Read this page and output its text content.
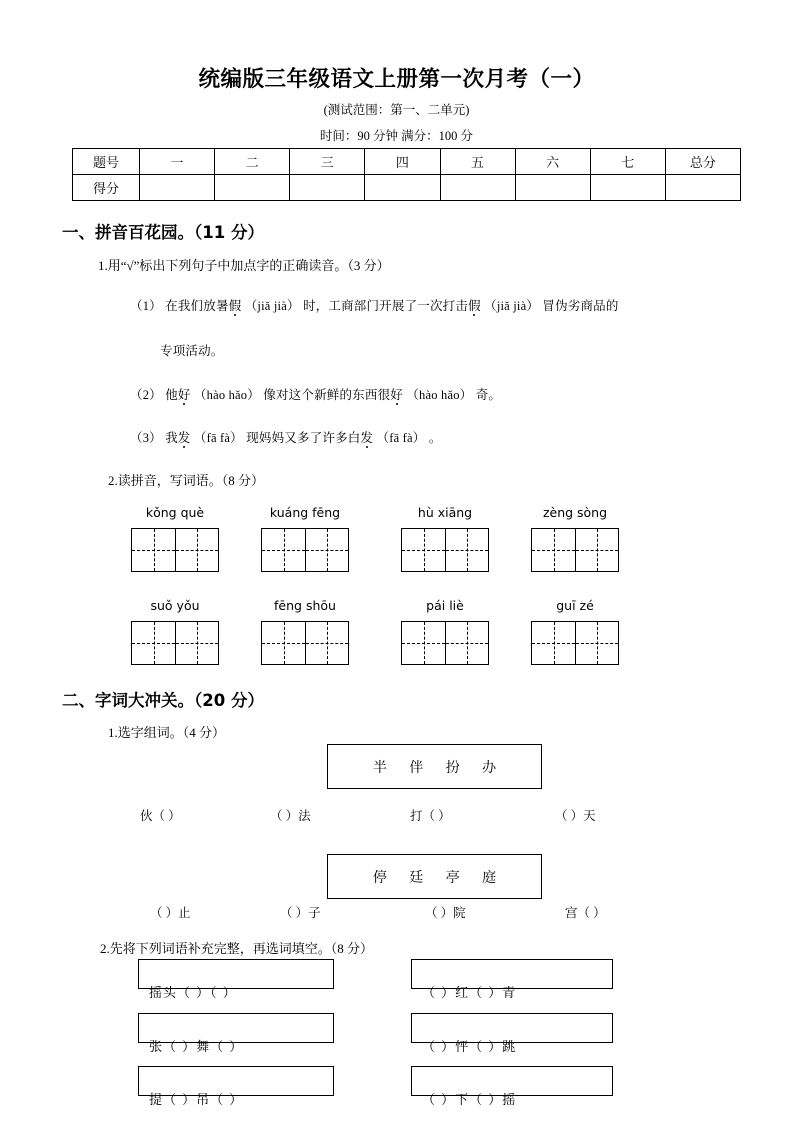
统编版三年级语文上册第一次月考（一）
(测试范围：第一、二单元)
时间：90 分钟 满分：100 分
题号	一	二	三	四	五	六	七	总分
得分								
一、拼音百花园。（11 分）
1.用“√”标出下列句子中加点字的正确读音。（3 分）
（1） 在我们放暑假 （jiǎ jià） 时，工商部门开展了一次打击假 （jiǎ jià） 冒伪劣商品的
专项活动。
（2） 他好 （hào hǎo） 像对这个新鲜的东西很好 （hào hǎo） 奇。
（3） 我发 （fā fà） 现妈妈又多了许多白发 （fā fà） 。
2.读拼音，写词语。（8 分）
kǒng què	kuáng fēng	hù xiāng	zèng sòng
suǒ yǒu	fēng shōu	pái liè	guī zé
二、字词大冲关。（20 分）
1.选字组词。（4 分）
半 伴 扮 办
伙（ ）	（ ）法	打（ ）	（ ）天
停 廷 亭 庭
（ ）止	（ ）子	（ ）院	宫（ ）
2.先将下列词语补充完整，再选词填空。（8 分）
摇头（ ）（ ）	（ ）红（ ）青
张（ ）舞（ ）	（ ）怦（ ）跳
提（ ）吊（ ）	（ ）下（ ）摇
